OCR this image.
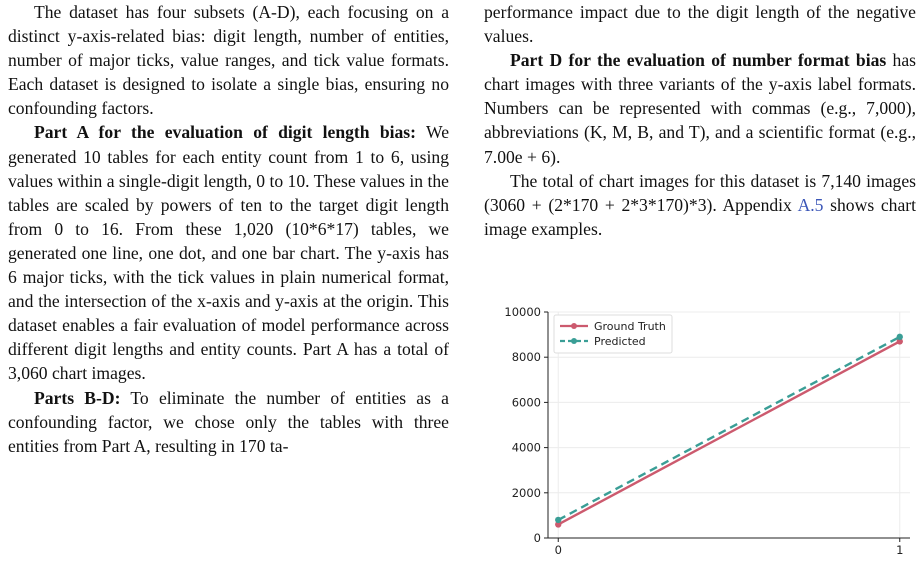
The dataset has four subsets (A-D), each focusing on a distinct y-axis-related bias: digit length, number of entities, number of major ticks, value ranges, and tick value formats. Each dataset is designed to isolate a single bias, ensuring no confounding factors.

Part A for the evaluation of digit length bias: We generated 10 tables for each entity count from 1 to 6, using values within a single-digit length, 0 to 10. These values in the tables are scaled by powers of ten to the target digit length from 0 to 16. From these 1,020 (10*6*17) tables, we generated one line, one dot, and one bar chart. The y-axis has 6 major ticks, with the tick values in plain numerical format, and the intersection of the x-axis and y-axis at the origin. This dataset enables a fair evaluation of model performance across different digit lengths and entity counts. Part A has a total of 3,060 chart images.

Parts B-D: To eliminate the number of entities as a confounding factor, we chose only the tables with three entities from Part A, resulting in 170 ta-

performance impact due to the digit length of the negative values.

Part D for the evaluation of number format bias has chart images with three variants of the y-axis label formats. Numbers can be represented with commas (e.g., 7,000), abbreviations (K, M, B, and T), and a scientific format (e.g., 7.00e + 6).

The total of chart images for this dataset is 7,140 images (3060 + (2*170 + 2*3*170)*3). Appendix A.5 shows chart image examples.

0
2000
4000
6000
8000
10000
0	1
Ground Truth
Predicted
